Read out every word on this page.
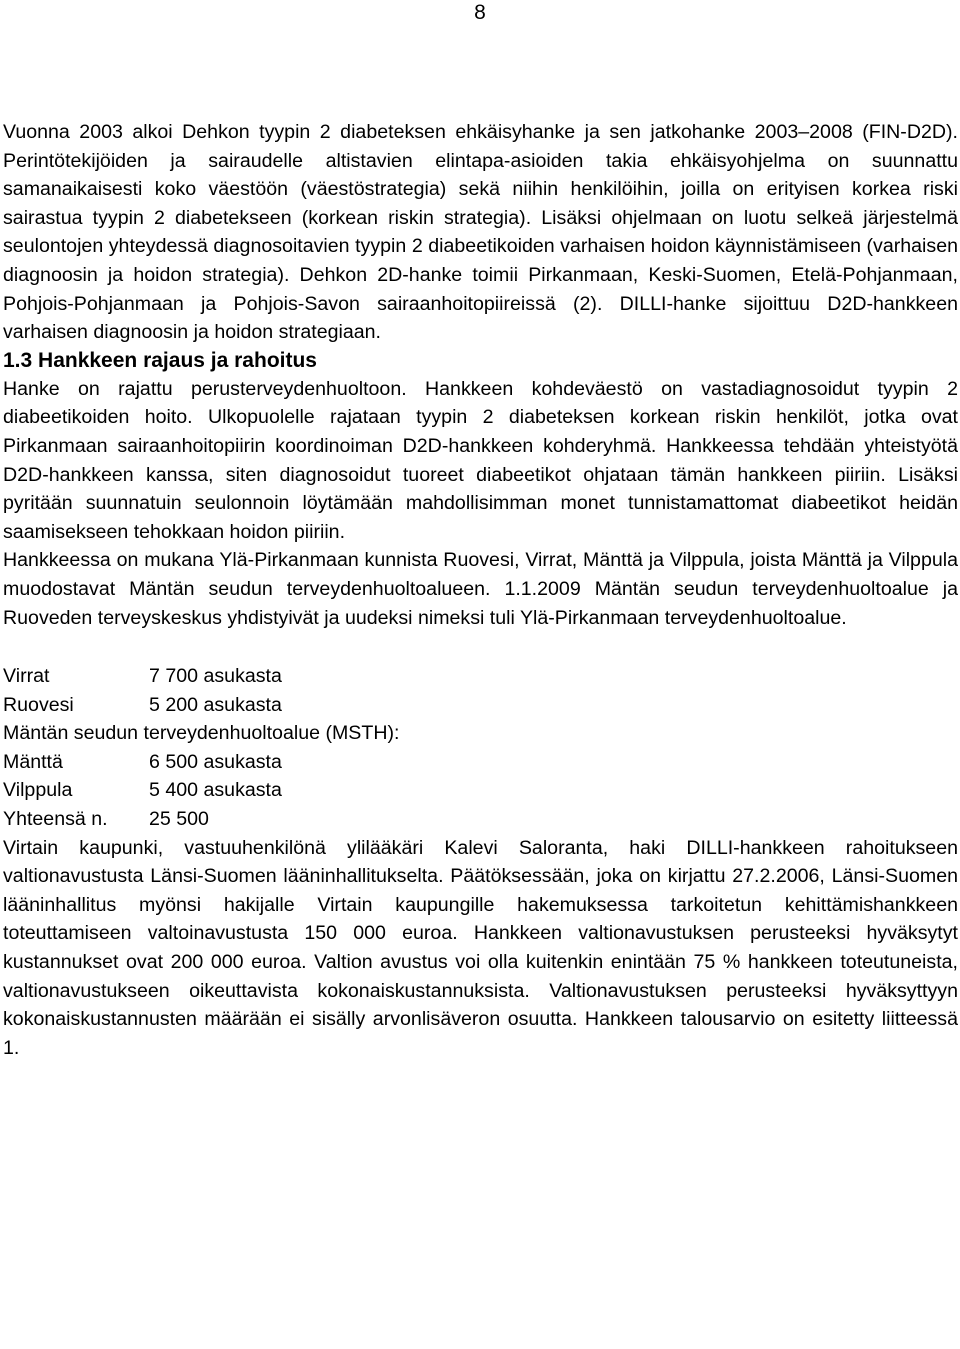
8

Vuonna 2003 alkoi Dehkon tyypin 2 diabeteksen ehkäisyhanke ja sen jatkohanke 2003–2008 (FIN-D2D). Perintötekijöiden ja sairaudelle altistavien elintapa-asioiden takia ehkäisyohjelma on suunnattu samanaikaisesti koko väestöön (väestöstrategia) sekä niihin henkilöihin, joilla on erityisen korkea riski sairastua tyypin 2 diabetekseen (korkean riskin strategia). Lisäksi ohjelmaan on luotu selkeä järjestelmä seulontojen yhteydessä diagnosoitavien tyypin 2 diabeetikoiden varhaisen hoidon käynnistämiseen (varhaisen diagnoosin ja hoidon strategia). Dehkon 2D-hanke toimii Pirkanmaan, Keski-Suomen, Etelä-Pohjanmaan, Pohjois-Pohjanmaan ja Pohjois-Savon sairaanhoitopiireissä (2). DILLI-hanke sijoittuu D2D-hankkeen varhaisen diagnoosin ja hoidon strategiaan.

1.3 Hankkeen rajaus ja rahoitus

Hanke on rajattu perusterveydenhuoltoon. Hankkeen kohdeväestö on vastadiagnosoidut tyypin 2 diabeetikoiden hoito. Ulkopuolelle rajataan tyypin 2 diabeteksen korkean riskin henkilöt, jotka ovat Pirkanmaan sairaanhoitopiirin koordinoiman D2D-hankkeen kohderyhmä. Hankkeessa tehdään yhteistyötä D2D-hankkeen kanssa, siten diagnosoidut tuoreet diabeetikot ohjataan tämän hankkeen piiriin. Lisäksi pyritään suunnatuin seulonnoin löytämään mahdollisimman monet tunnistamattomat diabeetikot heidän saamisekseen tehokkaan hoidon piiriin.

Hankkeessa on mukana Ylä-Pirkanmaan kunnista Ruovesi, Virrat, Mänttä ja Vilppula, joista Mänttä ja Vilppula muodostavat Mäntän seudun terveydenhuoltoalueen. 1.1.2009 Mäntän seudun terveydenhuoltoalue ja Ruoveden terveyskeskus yhdistyivät ja uudeksi nimeksi tuli Ylä-Pirkanmaan terveydenhuoltoalue.

Virrat	7 700 asukasta
Ruovesi	5 200 asukasta
Mäntän seudun terveydenhuoltoalue (MSTH):
Mänttä	6 500 asukasta
Vilppula	5 400 asukasta
Yhteensä n.	25 500

Virtain kaupunki, vastuuhenkilönä ylilääkäri Kalevi Saloranta, haki DILLI-hankkeen rahoitukseen valtionavustusta Länsi-Suomen lääninhallitukselta. Päätöksessään, joka on kirjattu 27.2.2006, Länsi-Suomen lääninhallitus myönsi hakijalle Virtain kaupungille hakemuksessa tarkoitetun kehittämishankkeen toteuttamiseen valtoinavustusta 150 000 euroa. Hankkeen valtionavustuksen perusteeksi hyväksytyt kustannukset ovat 200 000 euroa. Valtion avustus voi olla kuitenkin enintään 75 % hankkeen toteutuneista, valtionavustukseen oikeuttavista kokonaiskustannuksista. Valtionavustuksen perusteeksi hyväksyttyyn kokonaiskustannusten määrään ei sisälly arvonlisäveron osuutta. Hankkeen talousarvio on esitetty liitteessä 1.
